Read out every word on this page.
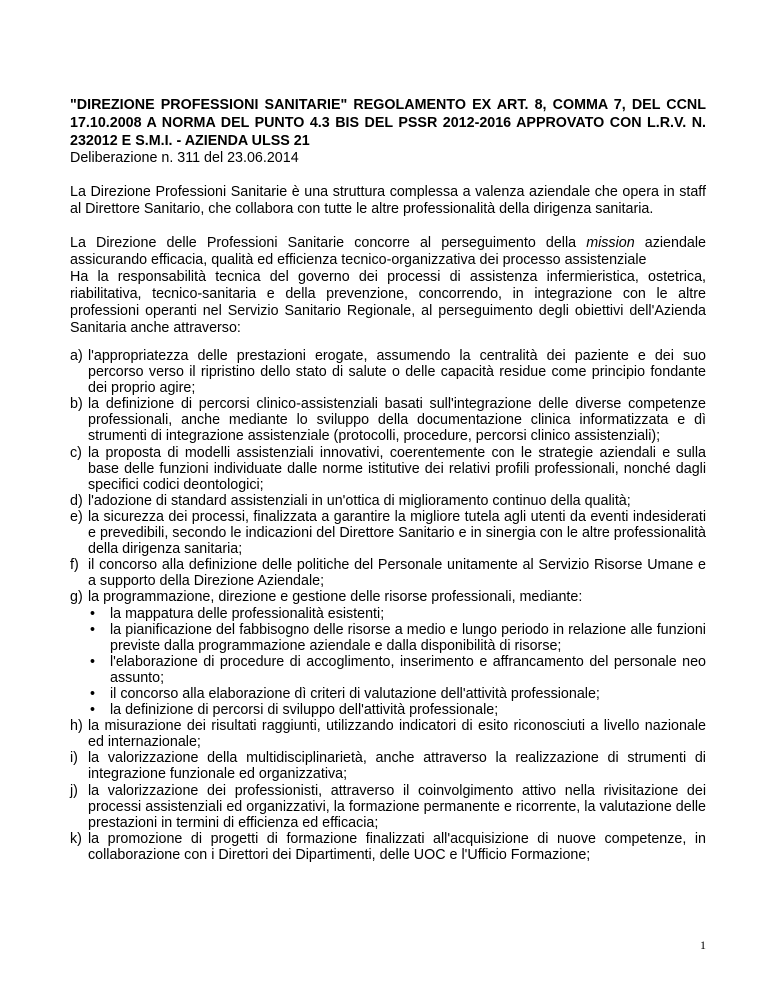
"DIREZIONE PROFESSIONI SANITARIE" REGOLAMENTO EX ART. 8, COMMA 7, DEL CCNL 17.10.2008 A NORMA DEL PUNTO 4.3 BIS DEL PSSR 2012-2016 APPROVATO CON L.R.V. N. 232012 E S.M.I. - AZIENDA ULSS 21
Deliberazione n. 311 del 23.06.2014

La Direzione Professioni Sanitarie è una struttura complessa a valenza aziendale che opera in staff al Direttore Sanitario, che collabora con tutte le altre professionalità della dirigenza sanitaria.

La Direzione delle Professioni Sanitarie concorre al perseguimento della mission aziendale assicurando efficacia, qualità ed efficienza tecnico-organizzativa dei processo assistenziale

Ha la responsabilità tecnica del governo dei processi di assistenza infermieristica, ostetrica, riabilitativa, tecnico-sanitaria e della prevenzione, concorrendo, in integrazione con le altre professioni operanti nel Servizio Sanitario Regionale, al perseguimento degli obiettivi dell'Azienda Sanitaria anche attraverso:

a) l'appropriatezza delle prestazioni erogate, assumendo la centralità dei paziente e dei suo percorso verso il ripristino dello stato di salute o delle capacità residue come principio fondante dei proprio agire;
b) la definizione di percorsi clinico-assistenziali basati sull'integrazione delle diverse competenze professionali, anche mediante lo sviluppo della documentazione clinica informatizzata e dì strumenti di integrazione assistenziale (protocolli, procedure, percorsi clinico assistenziali);
c) la proposta di modelli assistenziali innovativi, coerentemente con le strategie aziendali e sulla base delle funzioni individuate dalle norme istitutive dei relativi profili professionali, nonché dagli specifici codici deontologici;
d) l'adozione di standard assistenziali in un'ottica di miglioramento continuo della qualità;
e) la sicurezza dei processi, finalizzata a garantire la migliore tutela agli utenti da eventi indesiderati e prevedibili, secondo le indicazioni del Direttore Sanitario e in sinergia con le altre professionalità della dirigenza sanitaria;
f) il concorso alla definizione delle politiche del Personale unitamente al Servizio Risorse Umane e a supporto della Direzione Aziendale;
g) la programmazione, direzione e gestione delle risorse professionali, mediante:
• la mappatura delle professionalità esistenti;
• la pianificazione del fabbisogno delle risorse a medio e lungo periodo in relazione alle funzioni previste dalla programmazione aziendale e dalla disponibilità di risorse;
• l'elaborazione di procedure di accoglimento, inserimento e affrancamento del personale neo assunto;
• il concorso alla elaborazione dì criteri di valutazione dell'attività professionale;
• la definizione di percorsi di sviluppo dell'attività professionale;
h) la misurazione dei risultati raggiunti, utilizzando indicatori di esito riconosciuti a livello nazionale ed internazionale;
i) la valorizzazione della multidisciplinarietà, anche attraverso la realizzazione di strumenti di integrazione funzionale ed organizzativa;
j) la valorizzazione dei professionisti, attraverso il coinvolgimento attivo nella rivisitazione dei processi assistenziali ed organizzativi, la formazione permanente e ricorrente, la valutazione delle prestazioni in termini di efficienza ed efficacia;
k) la promozione di progetti di formazione finalizzati all'acquisizione di nuove competenze, in collaborazione con i Direttori dei Dipartimenti, delle UOC e l'Ufficio Formazione;
1
